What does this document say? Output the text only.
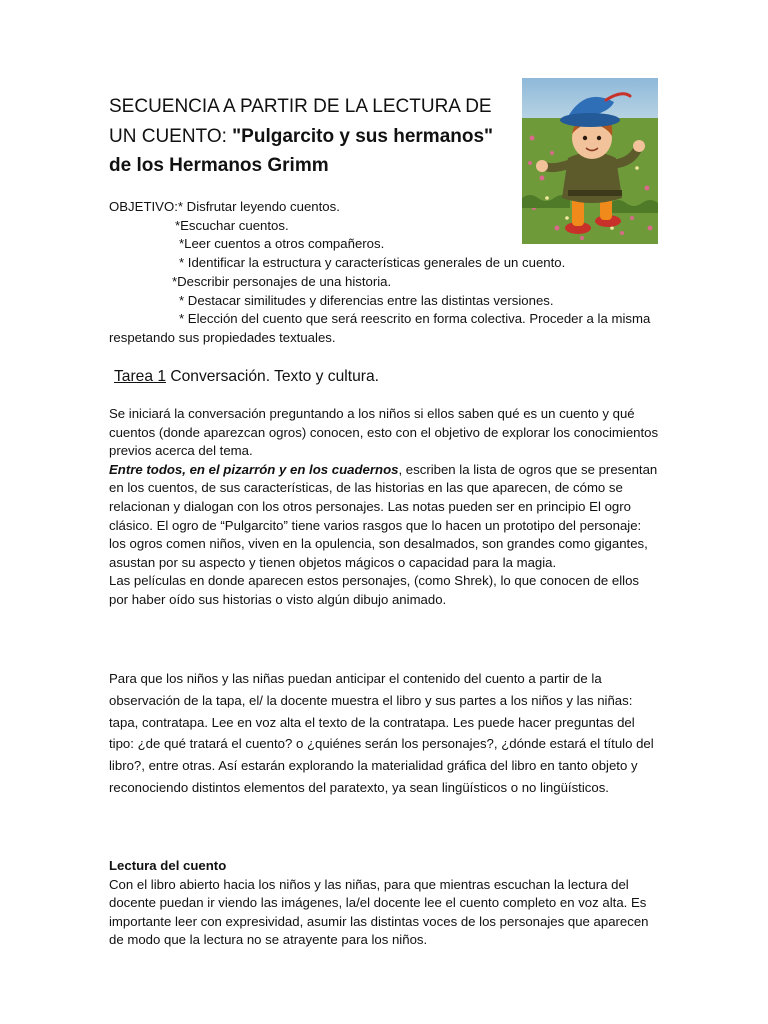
SECUENCIA A PARTIR DE LA LECTURA DE UN CUENTO: "Pulgarcito y sus hermanos" de los Hermanos Grimm
OBJETIVO:* Disfrutar leyendo cuentos.
*Escuchar cuentos.
*Leer cuentos a otros compañeros.
* Identificar la estructura y características generales de un cuento.
*Describir personajes de una historia.
* Destacar similitudes y diferencias entre las distintas versiones.
* Elección del cuento que será reescrito en forma colectiva. Proceder a la misma respetando sus propiedades textuales.
Tarea 1 Conversación. Texto y cultura.

Se iniciará la conversación preguntando a los niños si ellos saben qué es un cuento y qué cuentos (donde aparezcan ogros) conocen, esto con el objetivo de explorar los conocimientos previos acerca del tema.

Entre todos, en el pizarrón y en los cuadernos, escriben la lista de ogros que se presentan en los cuentos, de sus características, de las historias en las que aparecen, de cómo se relacionan y dialogan con los otros personajes. Las notas pueden ser en principio El ogro clásico. El ogro de “Pulgarcito” tiene varios rasgos que lo hacen un prototipo del personaje: los ogros comen niños, viven en la opulencia, son desalmados, son grandes como gigantes, asustan por su aspecto y tienen objetos mágicos o capacidad para la magia.

Las películas en donde aparecen estos personajes, (como Shrek), lo que conocen de ellos por haber oído sus historias o visto algún dibujo animado.

Para que los niños y las niñas puedan anticipar el contenido del cuento a partir de la observación de la tapa, el/ la docente muestra el libro y sus partes a los niños y las niñas: tapa, contratapa. Lee en voz alta el texto de la contratapa. Les puede hacer preguntas del tipo: ¿de qué tratará el cuento? o ¿quiénes serán los personajes?, ¿dónde estará el título del libro?, entre otras. Así estarán explorando la materialidad gráfica del libro en tanto objeto y reconociendo distintos elementos del paratexto, ya sean lingüísticos o no lingüísticos.

Lectura del cuento

Con el libro abierto hacia los niños y las niñas, para que mientras escuchan la lectura del docente puedan ir viendo las imágenes, la/el docente lee el cuento completo en voz alta. Es importante leer con expresividad, asumir las distintas voces de los personajes que aparecen de modo que la lectura no se atrayente para los niños.
